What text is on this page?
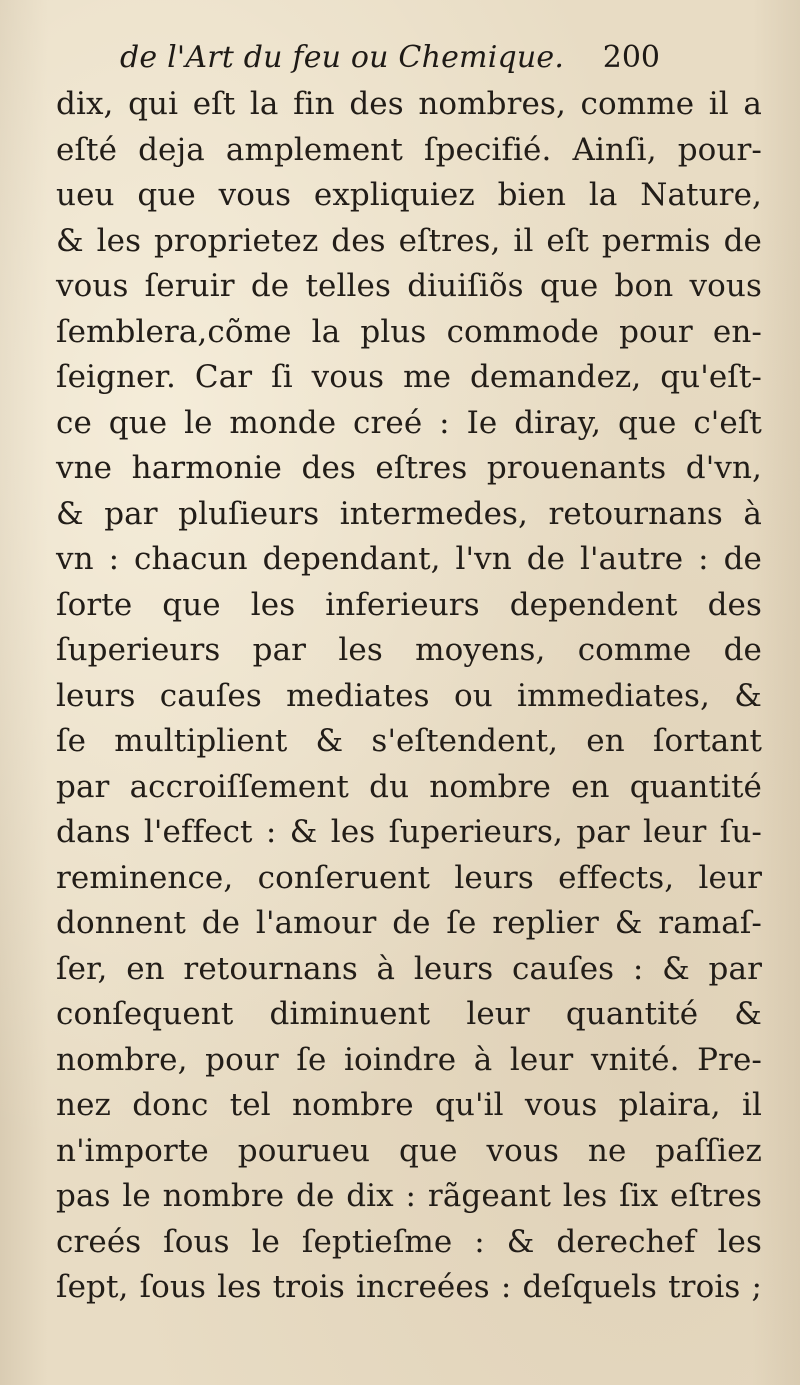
de l'Art du feu ou Chemique. 200
dix, qui eſt la fin des nombres, comme il a
eſté deja amplement ſpecifié. Ainſi, pour-
ueu que vous expliquiez bien la Nature,
& les proprietez des eſtres, il eſt permis de
vous ſeruir de telles diuiſiõs que bon vous
ſemblera,cõme la plus commode pour en-
ſeigner. Car ſi vous me demandez, qu'eſt-
ce que le monde creé : Ie diray, que c'eſt
vne harmonie des eſtres prouenants d'vn,
& par pluſieurs intermedes, retournans à
vn : chacun dependant, l'vn de l'autre : de
ſorte que les inferieurs dependent des
ſuperieurs par les moyens, comme de
leurs cauſes mediates ou immediates, &
ſe multiplient & s'eſtendent, en ſortant
par accroiſſement du nombre en quantité
dans l'effect : & les ſuperieurs, par leur ſu-
reminence, conſeruent leurs effects, leur
donnent de l'amour de ſe replier & ramaſ-
ſer, en retournans à leurs cauſes : & par
conſequent diminuent leur quantité &
nombre, pour ſe ioindre à leur vnité. Pre-
nez donc tel nombre qu'il vous plaira, il
n'importe pourueu que vous ne paſſiez
pas le nombre de dix : rãgeant les ſix eſtres
creés ſous le ſeptieſme : & derechef les
ſept, ſous les trois increées : deſquels trois ;
